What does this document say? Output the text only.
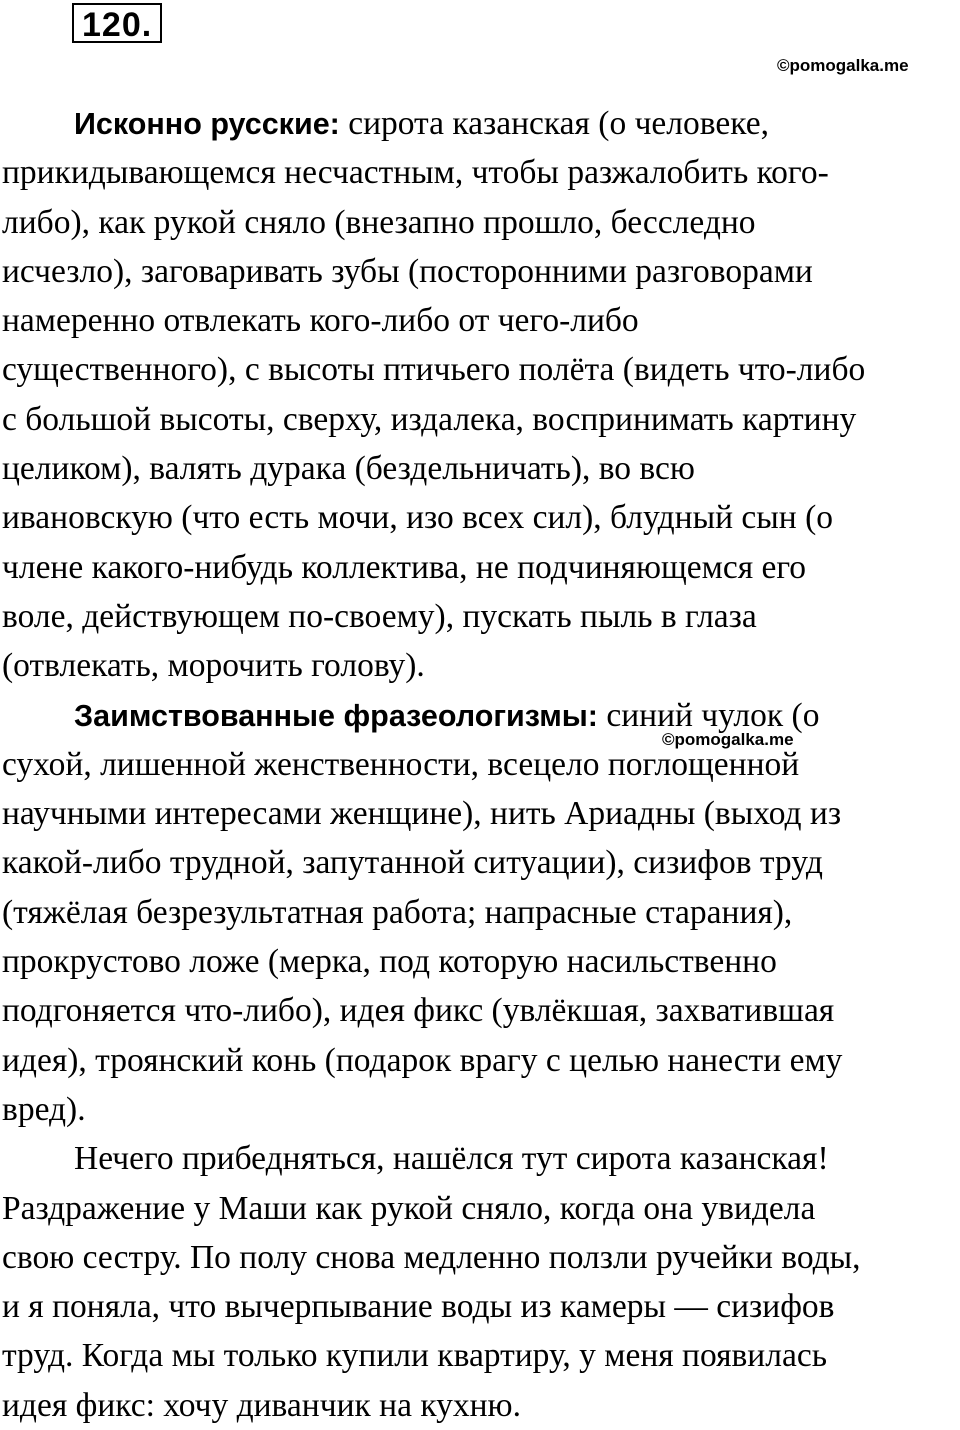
120.
©pomogalka.me
Исконно русские: сирота казанская (о человеке,
прикидывающемся несчастным, чтобы разжалобить кого-
либо), как рукой сняло (внезапно прошло, бесследно
исчезло), заговаривать зубы (посторонними разговорами
намеренно отвлекать кого-либо от чего-либо
существенного), с высоты птичьего полёта (видеть что-либо
с большой высоты, сверху, издалека, воспринимать картину
целиком), валять дурака (бездельничать), во всю
ивановскую (что есть мочи, изо всех сил), блудный сын (о
члене какого-нибудь коллектива, не подчиняющемся его
воле, действующем по-своему), пускать пыль в глаза
(отвлекать, морочить голову).
Заимствованные фразеологизмы: синий чулок (о
сухой, лишенной женственности, всецело поглощенной
научными интересами женщине), нить Ариадны (выход из
какой-либо трудной, запутанной ситуации), сизифов труд
(тяжёлая безрезультатная работа; напрасные старания),
прокрустово ложе (мерка, под которую насильственно
подгоняется что-либо), идея фикс (увлёкшая, захватившая
идея), троянский конь (подарок врагу с целью нанести ему
вред).
Нечего прибедняться, нашёлся тут сирота казанская!
Раздражение у Маши как рукой сняло, когда она увидела
свою сестру. По полу снова медленно ползли ручейки воды,
и я поняла, что вычерпывание воды из камеры — сизифов
труд. Когда мы только купили квартиру, у меня появилась
идея фикс: хочу диванчик на кухню.
©pomogalka.me
